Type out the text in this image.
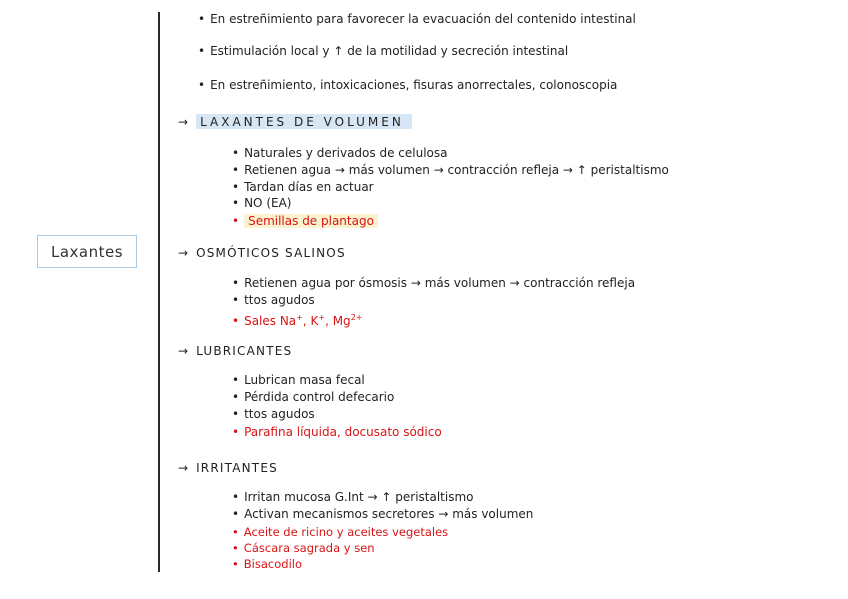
Laxantes
• En estreñimiento para favorecer la evacuación del contenido intestinal
• Estimulación local y ↑ de la motilidad y secreción intestinal
• En estreñimiento, intoxicaciones, fisuras anorrectales, colonoscopia
→ LAXANTES DE VOLUMEN
• Naturales y derivados de celulosa
• Retienen agua → más volumen → contracción refleja → ↑ peristaltismo
• Tardan días en actuar
• NO (EA)
• Semillas de plantago
→ OSMÓTICOS SALINOS
• Retienen agua por ósmosis → más volumen → contracción refleja
• ttos agudos
• Sales Na+, K+, $Mg^{2+}$
→ LUBRICANTES
• Lubrican masa fecal
• Pérdida control defecario
• ttos agudos
• Parafina líquida, docusato sódico
→ IRRITANTES
• Irritan mucosa G.Int → ↑ peristaltismo
• Activan mecanismos secretores → más volumen
• Aceite de ricino y aceites vegetales
• Cáscara sagrada y sen
• Bisacodilo
